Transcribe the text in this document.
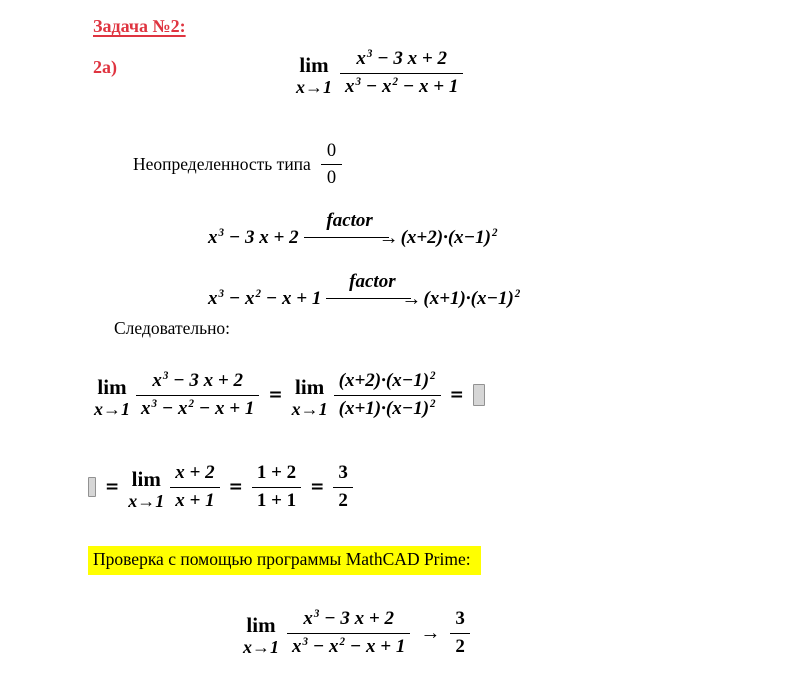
Задача №2:
2a)	lim
$x\to 1 \frac{x^3 - 3 x + 2}{x^3 - x^2 - x + 1}$
Неопределенность типа $\frac{0}{0}$
$x^3 - 3$ x + 2
factor
→
$(x+2)\cdot(x-1)^2$
$x^3 - x^2 - x + 1$
factor
→
$(x+1)\cdot(x-1)^2$
Следовательно:
lim
$x\to 1 \frac{x^3 - 3 x + 2}{x^3 - x^2 - x + 1} = \lim$
$x\to 1 \frac{(x+2)\cdot(x-1)^2}{(x+1)\cdot(x-1)^2}$ =
= lim
$x\to 1 \frac{x + 2}{x + 1} = \frac{1 + 2}{1 + 1} = \frac{3}{2}$
Проверка с помощью программы MathCAD Prime:
lim
$x\to 1 \frac{x^3 - 3 x + 2}{x^3 - x^2 - x + 1} \to \frac{3}{2}$
